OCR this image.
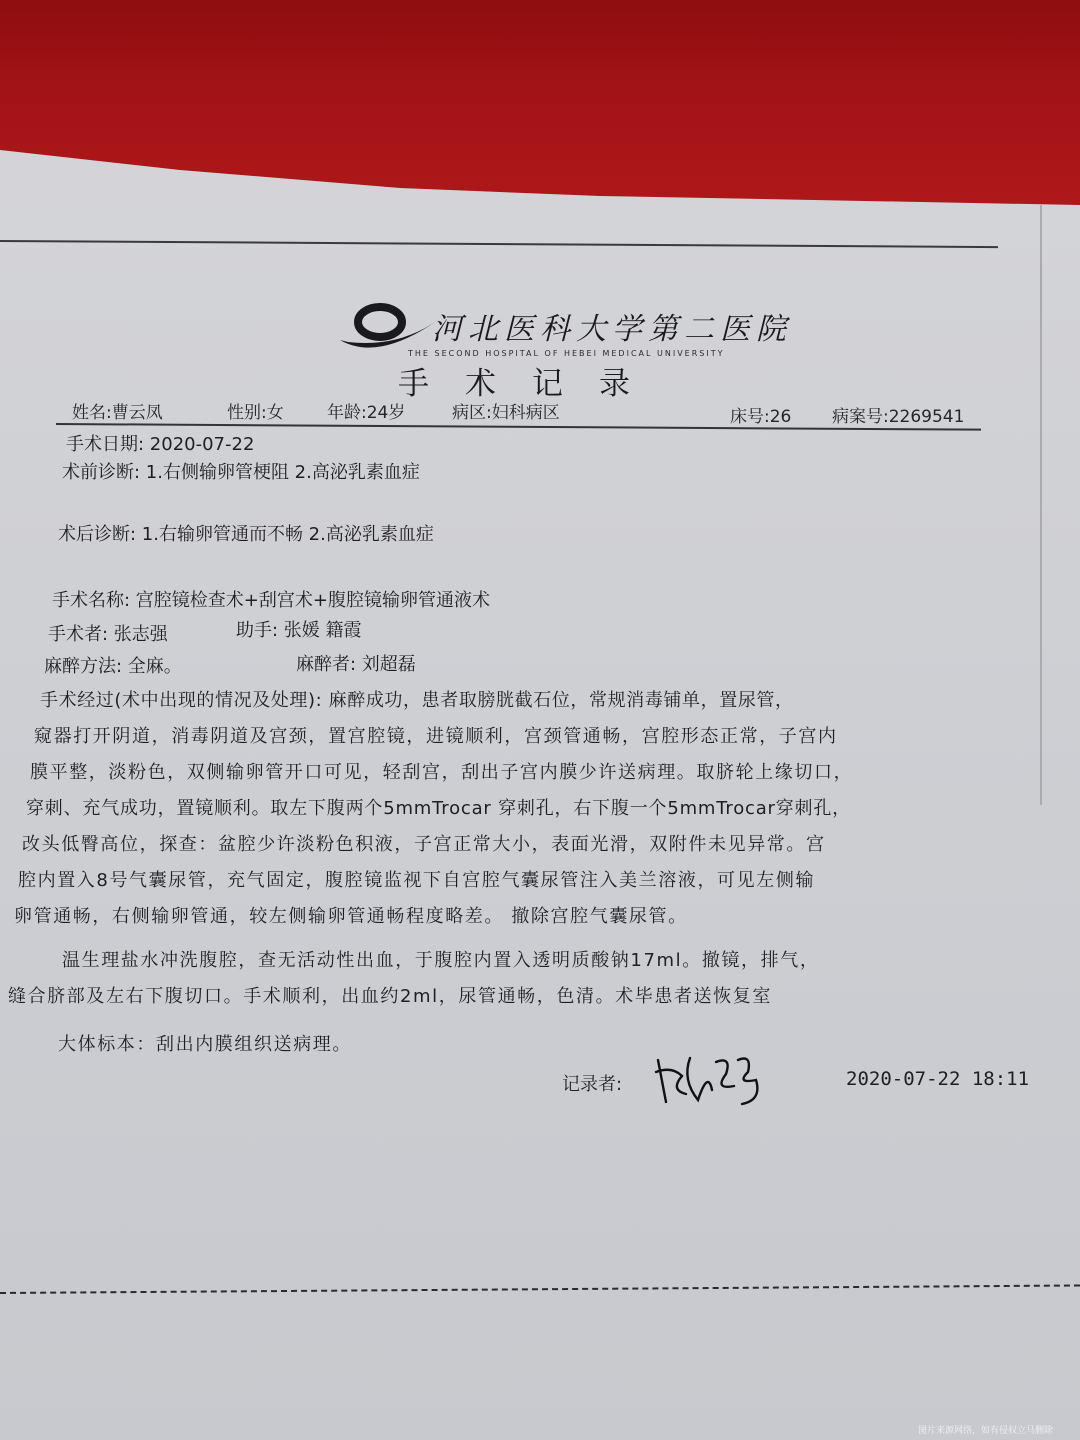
河北医科大学第二医院
THE SECOND HOSPITAL OF HEBEI MEDICAL UNIVERSITY
手术记录
姓名:曹云凤	性别:女	年龄:24岁	病区:妇科病区	床号:26 病案号:2269541
手术日期: 2020-07-22
术前诊断: 1.右侧输卵管梗阻 2.高泌乳素血症
术后诊断: 1.右输卵管通而不畅 2.高泌乳素血症
手术名称: 宫腔镜检查术+刮宫术+腹腔镜输卵管通液术
手术者: 张志强	助手: 张媛 籍霞
麻醉方法: 全麻。	麻醉者: 刘超磊
手术经过(术中出现的情况及处理): 麻醉成功，患者取膀胱截石位，常规消毒铺单，置尿管，
窥器打开阴道，消毒阴道及宫颈，置宫腔镜，进镜顺利，宫颈管通畅，宫腔形态正常，子宫内
膜平整，淡粉色，双侧输卵管开口可见，轻刮宫，刮出子宫内膜少许送病理。取脐轮上缘切口，
穿刺、充气成功，置镜顺利。取左下腹两个5mmTrocar 穿刺孔，右下腹一个5mmTrocar穿刺孔，
改头低臀高位，探查：盆腔少许淡粉色积液，子宫正常大小，表面光滑，双附件未见异常。宫
腔内置入8号气囊尿管，充气固定，腹腔镜监视下自宫腔气囊尿管注入美兰溶液，可见左侧输
卵管通畅，右侧输卵管通，较左侧输卵管通畅程度略差。 撤除宫腔气囊尿管。
温生理盐水冲洗腹腔，查无活动性出血，于腹腔内置入透明质酸钠17ml。撤镜，排气，
缝合脐部及左右下腹切口。手术顺利，出血约2ml，尿管通畅，色清。术毕患者送恢复室
大体标本：刮出内膜组织送病理。
记录者:	2020-07-22 18:11
图片来源网络，如有侵权立马删除
